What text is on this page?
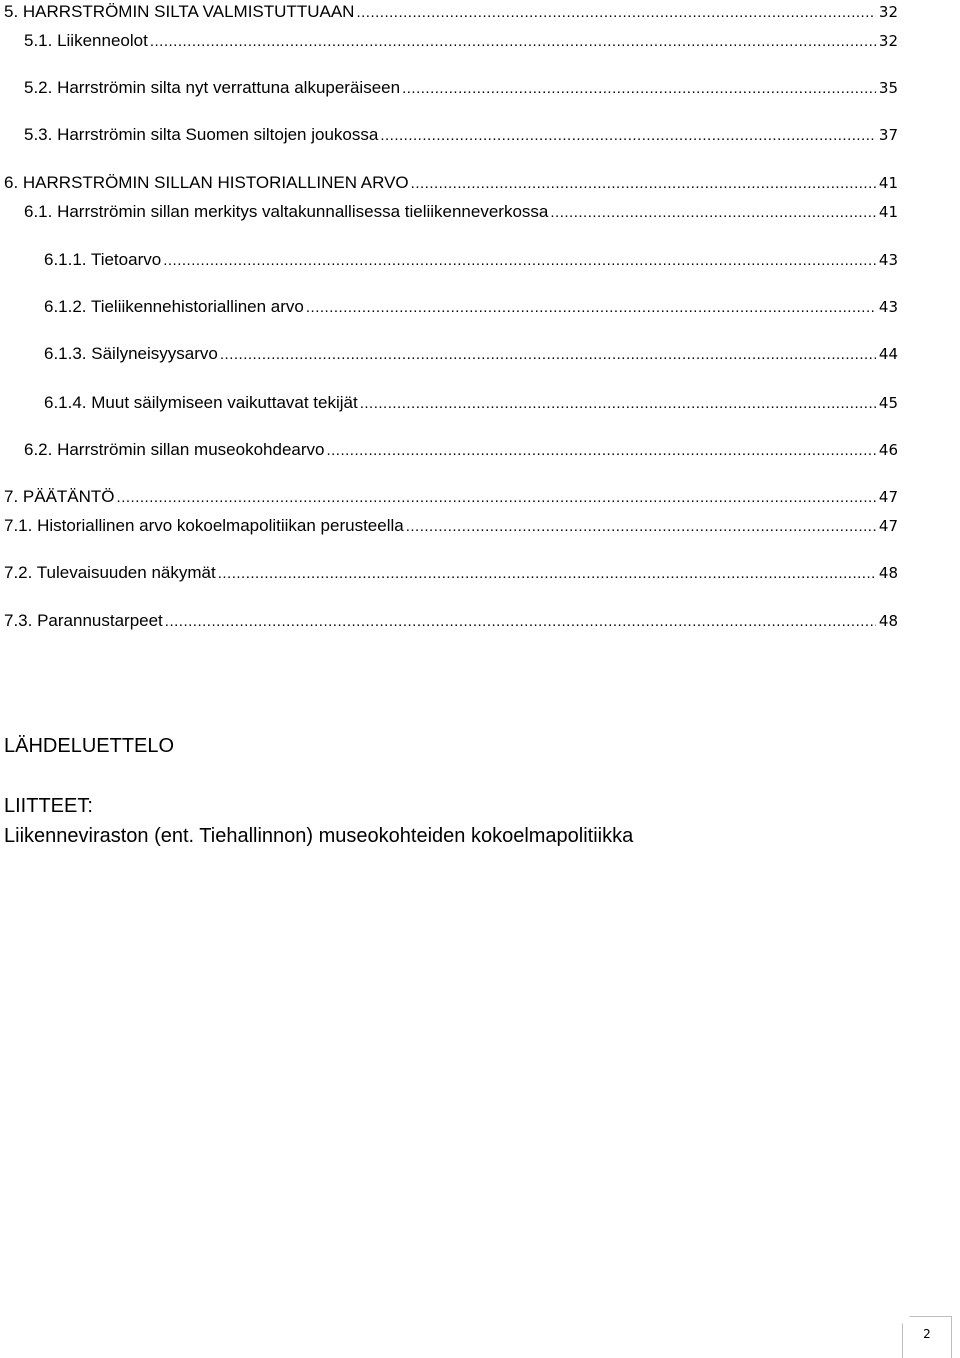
5. HARRSTRÖMIN SILTA VALMISTUTTUAAN .....	32
5.1. Liikenneolot .....	32
5.2. Harrströmin silta nyt verrattuna alkuperäiseen .....	35
5.3. Harrströmin silta Suomen siltojen joukossa .....	37
6. HARRSTRÖMIN SILLAN HISTORIALLINEN ARVO .....	41
6.1. Harrströmin sillan merkitys valtakunnallisessa tieliikenneverkossa .....	41
6.1.1. Tietoarvo .....	43
6.1.2. Tieliikennehistoriallinen arvo .....	43
6.1.3. Säilyneisyysarvo .....	44
6.1.4. Muut säilymiseen vaikuttavat tekijät .....	45
6.2. Harrströmin sillan museokohdearvo .....	46
7. PÄÄTÄNTÖ .....	47
7.1. Historiallinen arvo kokoelmapolitiikan perusteella .....	47
7.2. Tulevaisuuden näkymät .....	48
7.3. Parannustarpeet .....	48
LÄHDELUETTELO
LIITTEET:
Liikenneviraston (ent. Tiehallinnon) museokohteiden kokoelmapolitiikka
2
